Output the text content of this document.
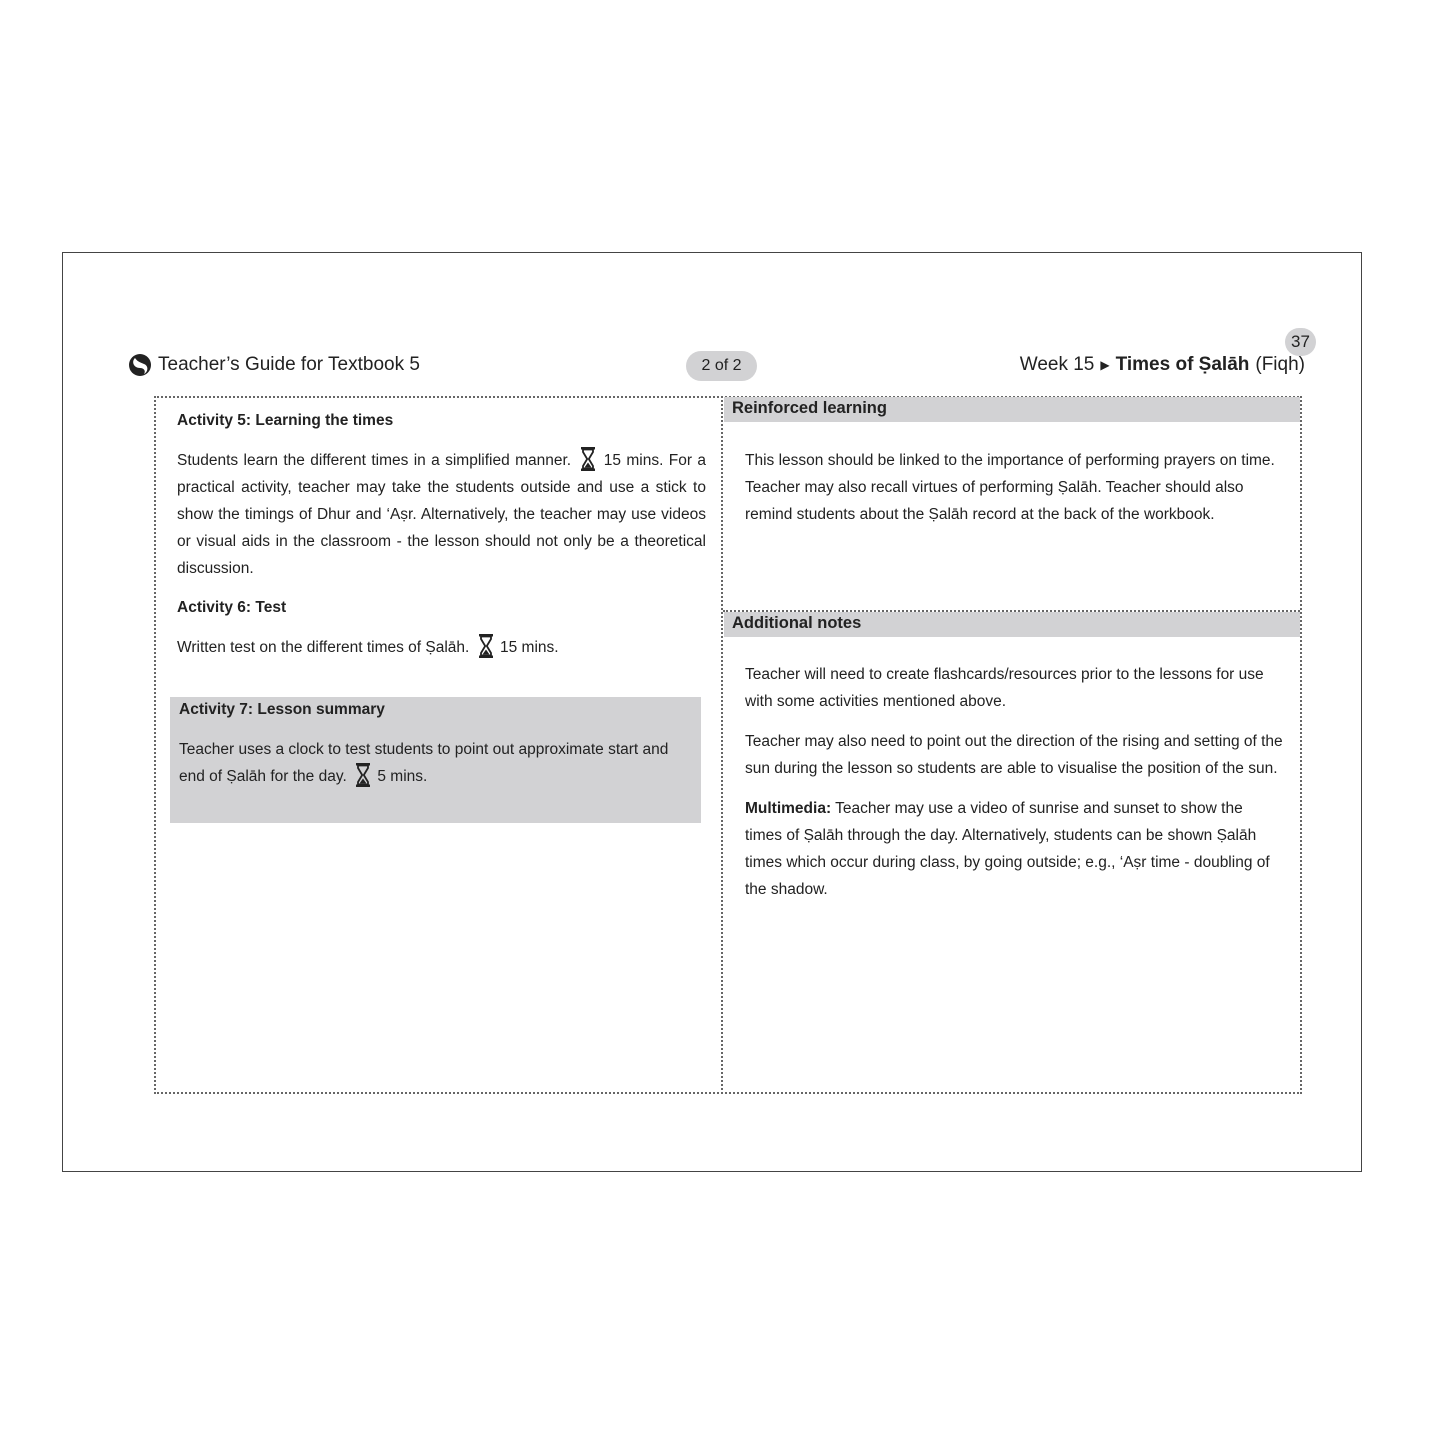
Teacher’s Guide for Textbook 5	2 of 2
37
Week 15 ▶ Times of Ṣalāh (Fiqh)
Activity 5: Learning the times
Students learn the different times in a simplified manner. 15 mins. For a practical activity, teacher may take the students outside and use a stick to show the timings of Dhur and ‘Aṣr. Alternatively, the teacher may use videos or visual aids in the classroom - the lesson should not only be a theoretical discussion.
Activity 6: Test
Written test on the different times of Ṣalāh. 15 mins.
Activity 7: Lesson summary
Teacher uses a clock to test students to point out approximate start and end of Ṣalāh for the day. 5 mins.
Reinforced learning

This lesson should be linked to the importance of performing prayers on time. Teacher may also recall virtues of performing Ṣalāh. Teacher should also remind students about the Ṣalāh record at the back of the workbook.

Additional notes

Teacher will need to create flashcards/resources prior to the lessons for use with some activities mentioned above.

Teacher may also need to point out the direction of the rising and setting of the sun during the lesson so students are able to visualise the position of the sun.

Multimedia: Teacher may use a video of sunrise and sunset to show the times of Ṣalāh through the day. Alternatively, students can be shown Ṣalāh times which occur during class, by going outside; e.g., ‘Aṣr time - doubling of the shadow.
